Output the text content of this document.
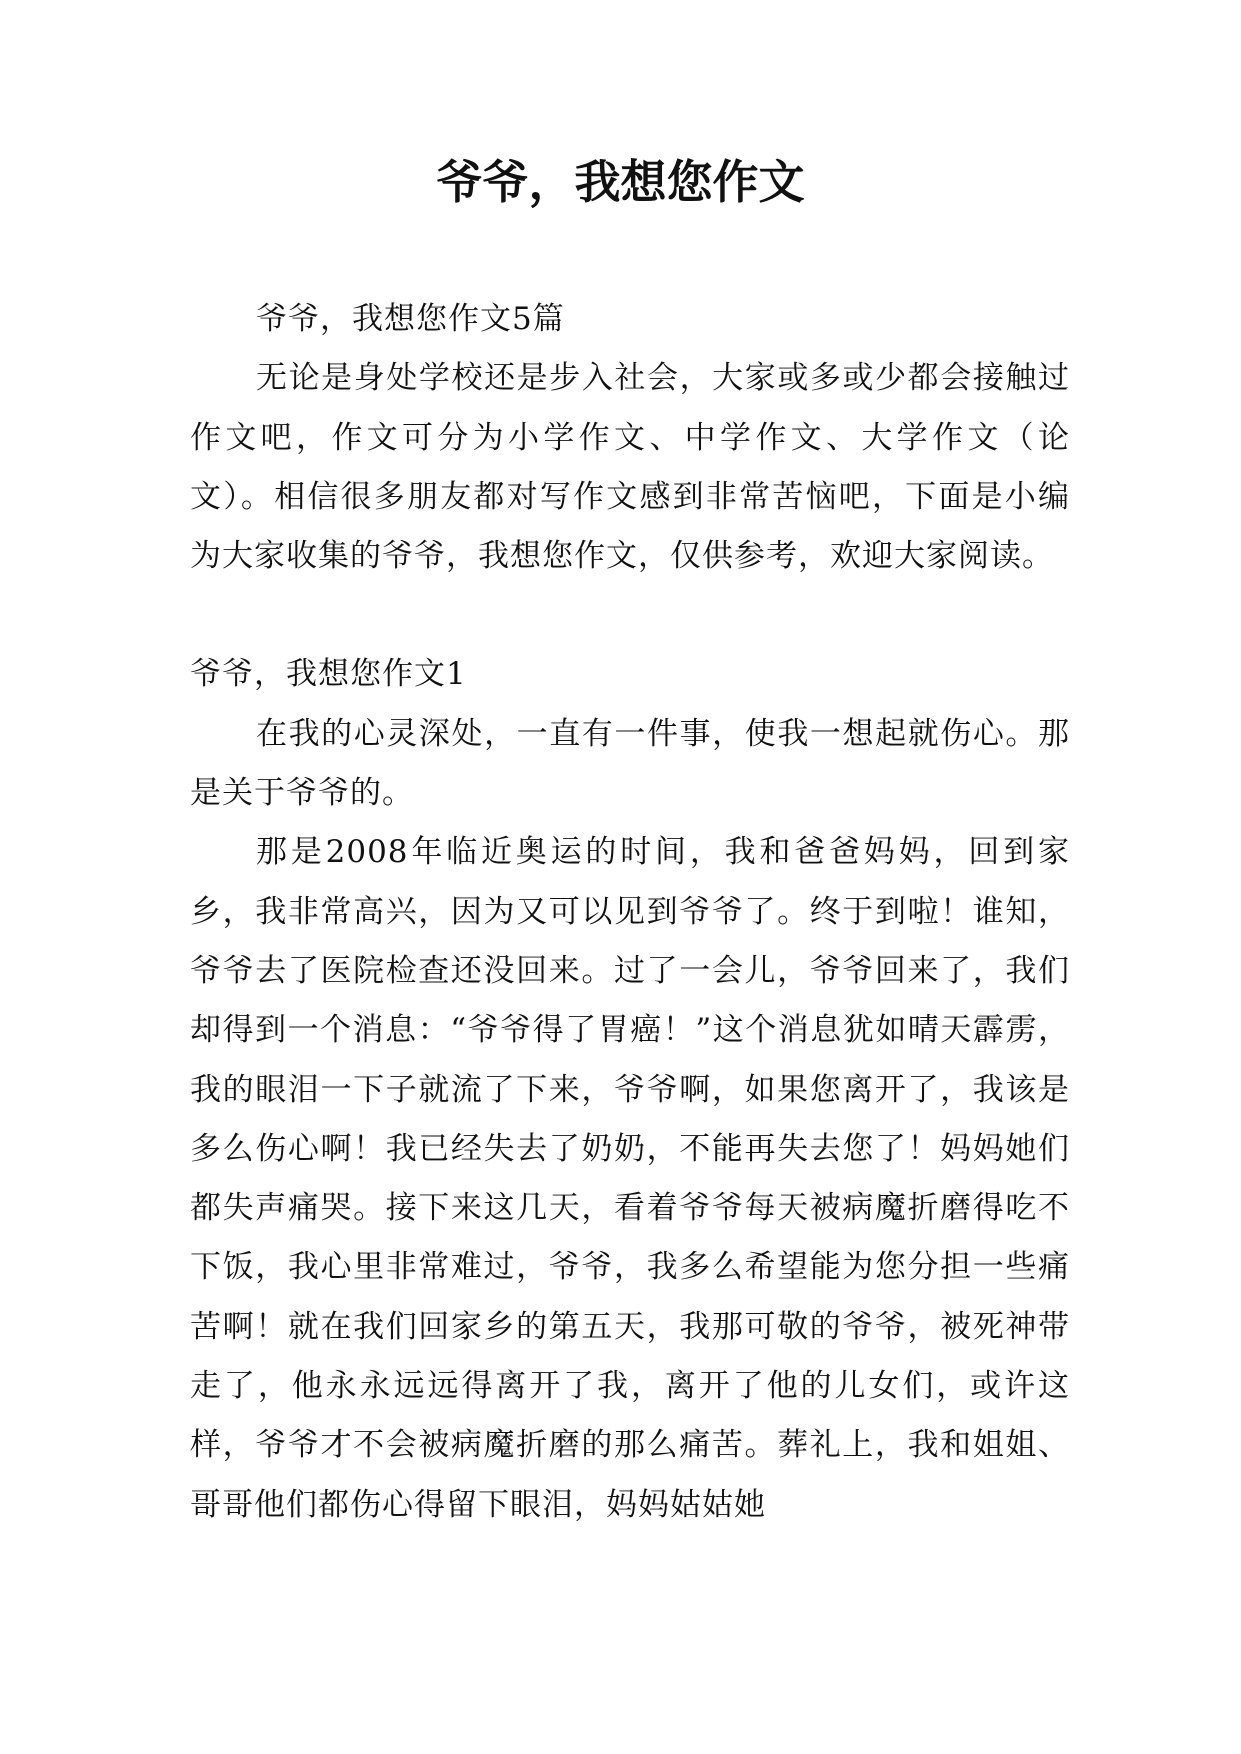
爷爷，我想您作文

爷爷，我想您作文5篇

无论是身处学校还是步入社会，大家或多或少都会接触过作文吧，作文可分为小学作文、中学作文、大学作文（论文）。相信很多朋友都对写作文感到非常苦恼吧，下面是小编为大家收集的爷爷，我想您作文，仅供参考，欢迎大家阅读。

爷爷，我想您作文1

在我的心灵深处，一直有一件事，使我一想起就伤心。那是关于爷爷的。

那是2008年临近奥运的时间，我和爸爸妈妈，回到家乡，我非常高兴，因为又可以见到爷爷了。终于到啦！谁知，爷爷去了医院检查还没回来。过了一会儿，爷爷回来了，我们却得到一个消息：“爷爷得了胃癌！”这个消息犹如晴天霹雳，我的眼泪一下子就流了下来，爷爷啊，如果您离开了，我该是多么伤心啊！我已经失去了奶奶，不能再失去您了！妈妈她们都失声痛哭。接下来这几天，看着爷爷每天被病魔折磨得吃不下饭，我心里非常难过，爷爷，我多么希望能为您分担一些痛苦啊！就在我们回家乡的第五天，我那可敬的爷爷，被死神带走了，他永永远远得离开了我，离开了他的儿女们，或许这样，爷爷才不会被病魔折磨的那么痛苦。葬礼上，我和姐姐、哥哥他们都伤心得留下眼泪，妈妈姑姑她
